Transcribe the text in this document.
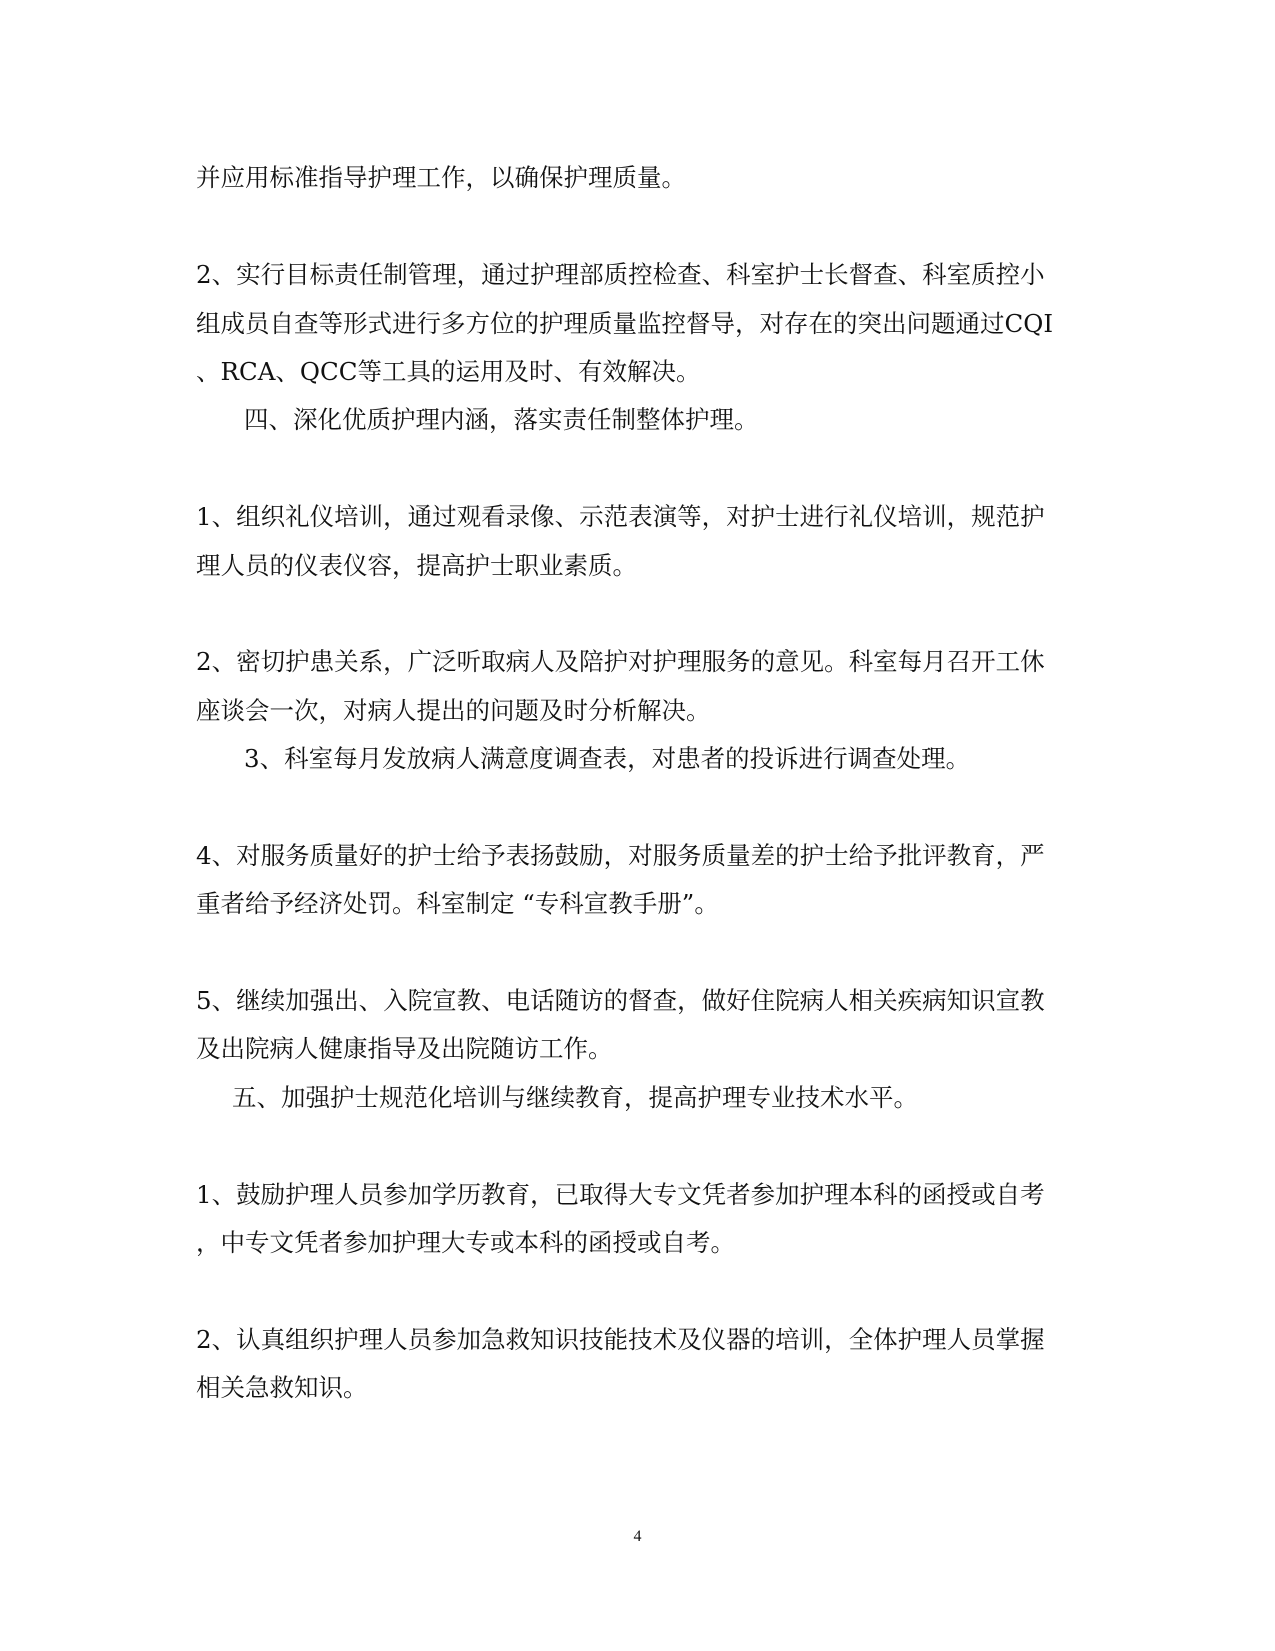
并应用标准指导护理工作，以确保护理质量。
2、实行目标责任制管理，通过护理部质控检查、科室护士长督查、科室质控小
组成员自查等形式进行多方位的护理质量监控督导，对存在的突出问题通过CQI
、RCA、QCC等工具的运用及时、有效解决。
四、深化优质护理内涵，落实责任制整体护理。
1、组织礼仪培训，通过观看录像、示范表演等，对护士进行礼仪培训，规范护
理人员的仪表仪容，提高护士职业素质。
2、密切护患关系，广泛听取病人及陪护对护理服务的意见。科室每月召开工休
座谈会一次，对病人提出的问题及时分析解决。
3、科室每月发放病人满意度调查表，对患者的投诉进行调查处理。
4、对服务质量好的护士给予表扬鼓励，对服务质量差的护士给予批评教育，严
重者给予经济处罚。科室制定 “专科宣教手册”。
5、继续加强出、入院宣教、电话随访的督查，做好住院病人相关疾病知识宣教
及出院病人健康指导及出院随访工作。
五、加强护士规范化培训与继续教育，提高护理专业技术水平。
1、鼓励护理人员参加学历教育，已取得大专文凭者参加护理本科的函授或自考
，中专文凭者参加护理大专或本科的函授或自考。
2、认真组织护理人员参加急救知识技能技术及仪器的培训，全体护理人员掌握
相关急救知识。
4
